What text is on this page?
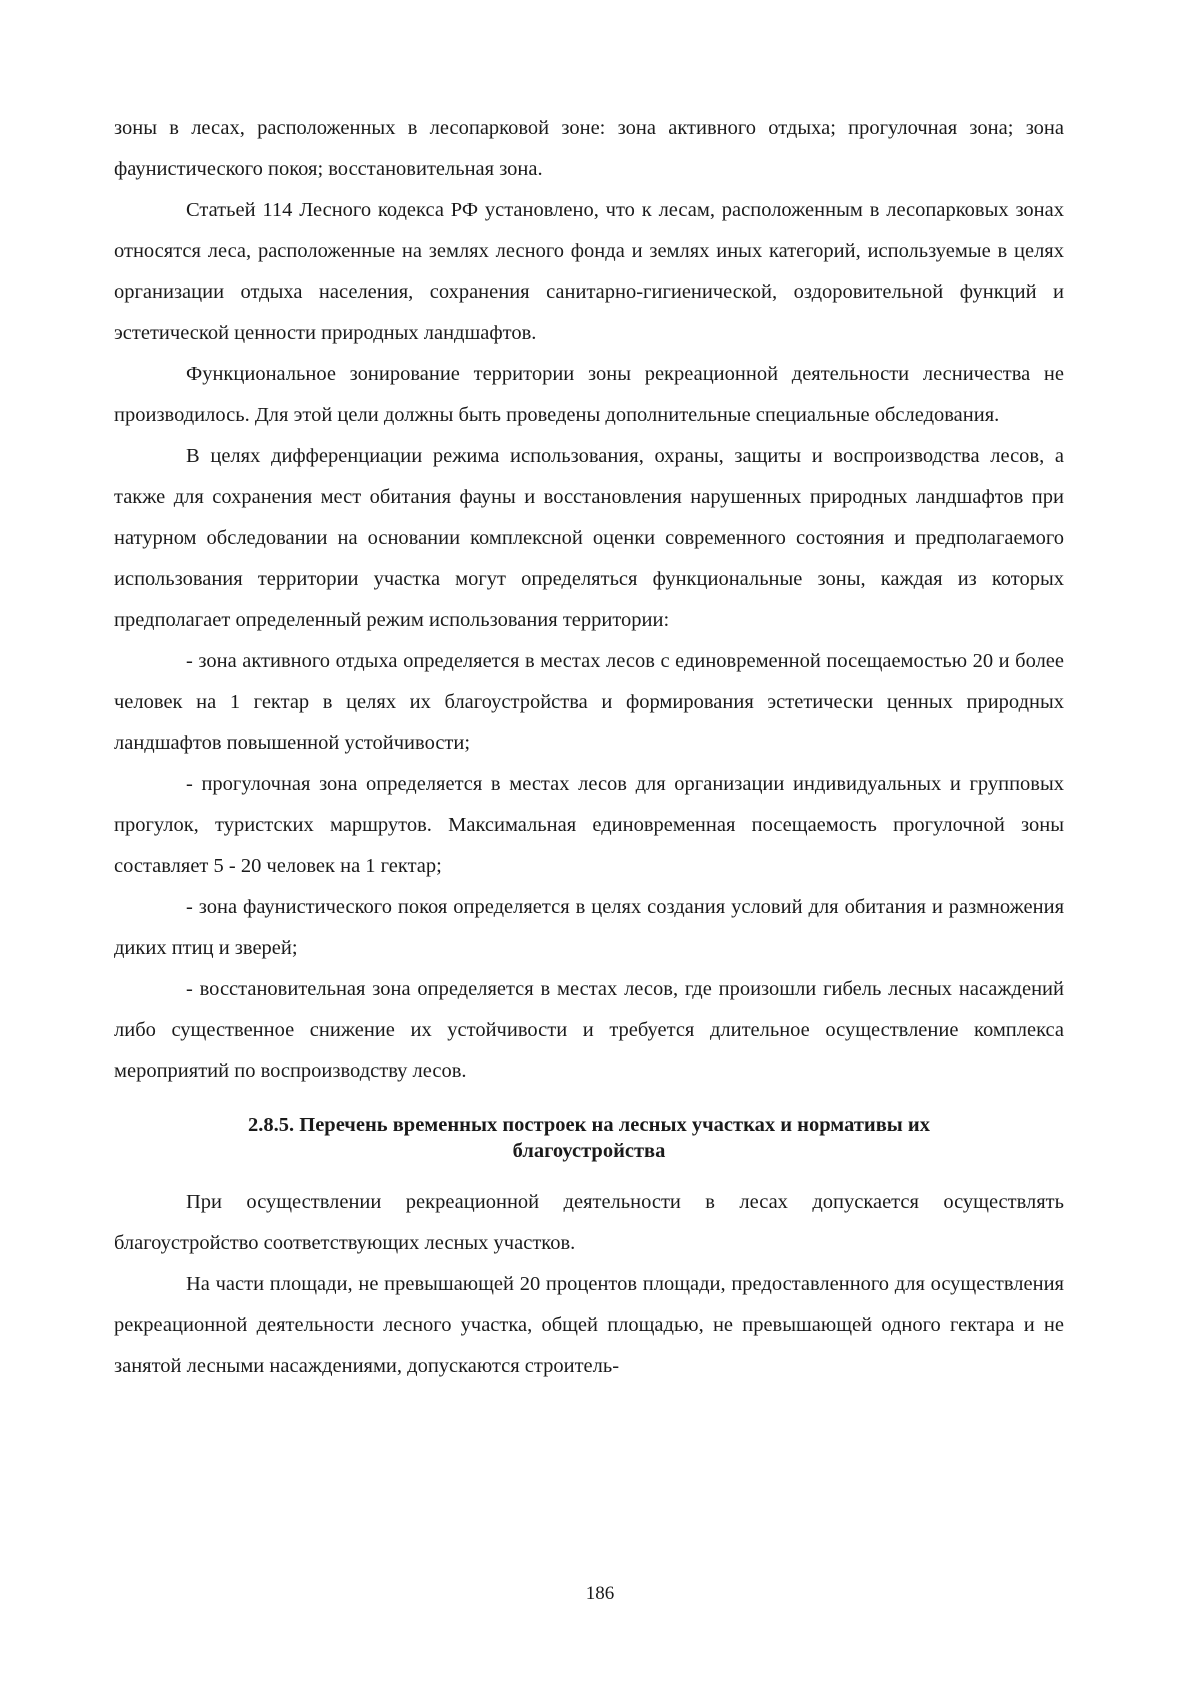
зоны в лесах, расположенных в лесопарковой зоне: зона активного отдыха; прогулочная зона; зона фаунистического покоя; восстановительная зона.

Статьей 114 Лесного кодекса РФ установлено, что к лесам, расположенным в лесопарковых зонах относятся леса, расположенные на землях лесного фонда и землях иных категорий, используемые в целях организации отдыха населения, сохранения санитарно-гигиенической, оздоровительной функций и эстетической ценности природных ландшафтов.

Функциональное зонирование территории зоны рекреационной деятельности лесничества не производилось. Для этой цели должны быть проведены дополнительные специальные обследования.

В целях дифференциации режима использования, охраны, защиты и воспроизводства лесов, а также для сохранения мест обитания фауны и восстановления нарушенных природных ландшафтов при натурном обследовании на основании комплексной оценки современного состояния и предполагаемого использования территории участка могут определяться функциональные зоны, каждая из которых предполагает определенный режим использования территории:

- зона активного отдыха определяется в местах лесов с единовременной посещаемостью 20 и более человек на 1 гектар в целях их благоустройства и формирования эстетически ценных природных ландшафтов повышенной устойчивости;

- прогулочная зона определяется в местах лесов для организации индивидуальных и групповых прогулок, туристских маршрутов. Максимальная единовременная посещаемость прогулочной зоны составляет 5 - 20 человек на 1 гектар;

- зона фаунистического покоя определяется в целях создания условий для обитания и размножения диких птиц и зверей;

- восстановительная зона определяется в местах лесов, где произошли гибель лесных насаждений либо существенное снижение их устойчивости и требуется длительное осуществление комплекса мероприятий по воспроизводству лесов.

2.8.5. Перечень временных построек на лесных участках и нормативы их благоустройства

При осуществлении рекреационной деятельности в лесах допускается осуществлять благоустройство соответствующих лесных участков.

На части площади, не превышающей 20 процентов площади, предоставленного для осуществления рекреационной деятельности лесного участка, общей площадью, не превышающей одного гектара и не занятой лесными насаждениями, допускаются строитель-

186
